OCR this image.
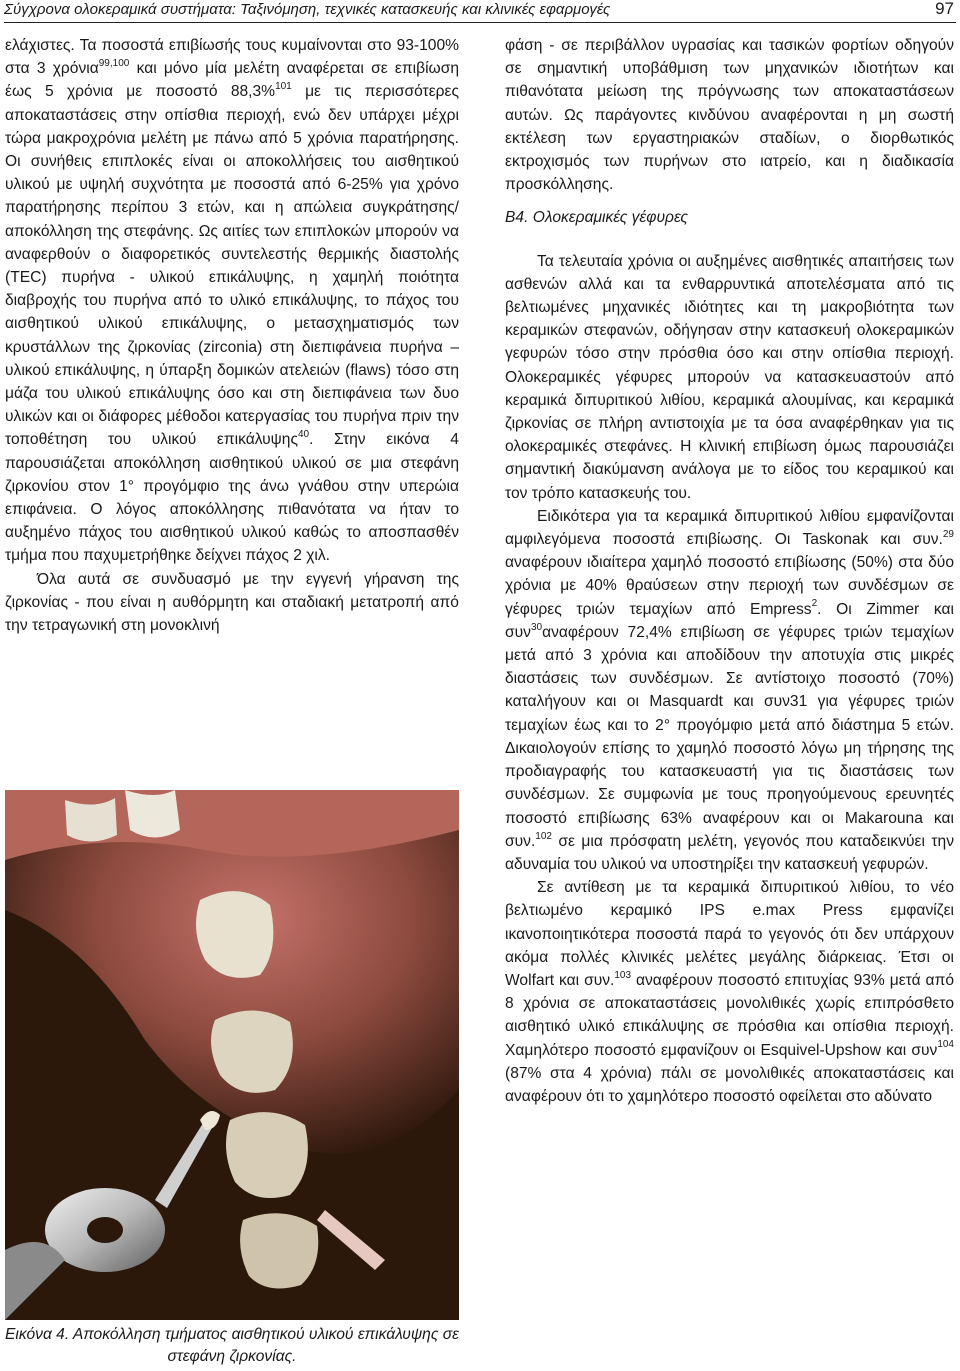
Σύγχρονα ολοκεραμικά συστήματα: Ταξινόμηση, τεχνικές κατασκευής και κλινικές εφαρμογές	97

ελάχιστες. Τα ποσοστά επιβίωσής τους κυμαίνονται στο 93-100% στα 3 χρόνια$^{99,100}$ και μόνο μία μελέτη αναφέρεται σε επιβίωση έως 5 χρόνια με ποσοστό 88,3%$^{101}$ με τις περισσότερες αποκαταστάσεις στην οπίσθια περιοχή, ενώ δεν υπάρχει μέχρι τώρα μακροχρόνια μελέτη με πάνω από 5 χρόνια παρατήρησης. Οι συνήθεις επιπλοκές είναι οι αποκολλήσεις του αισθητικού υλικού με υψηλή συχνότητα με ποσοστά από 6-25% για χρόνο παρατήρησης περίπου 3 ετών, και η απώλεια συγκράτησης/αποκόλληση της στεφάνης. Ως αιτίες των επιπλοκών μπορούν να αναφερθούν ο διαφορετικός συντελεστής θερμικής διαστολής (TEC) πυρήνα - υλικού επικάλυψης, η χαμηλή ποιότητα διαβροχής του πυρήνα από το υλικό επικάλυψης, το πάχος του αισθητικού υλικού επικάλυψης, ο μετασχηματισμός των κρυστάλλων της ζιρκονίας (zirconia) στη διεπιφάνεια πυρήνα – υλικού επικάλυψης, η ύπαρξη δομικών ατελειών (flaws) τόσο στη μάζα του υλικού επικάλυψης όσο και στη διεπιφάνεια των δυο υλικών και οι διάφορες μέθοδοι κατεργασίας του πυρήνα πριν την τοποθέτηση του υλικού επικάλυψης$^{40}$. Στην εικόνα 4 παρουσιάζεται αποκόλληση αισθητικού υλικού σε μια στεφάνη ζιρκονίου στον 1° προγόμφιο της άνω γνάθου στην υπερώια επιφάνεια. Ο λόγος αποκόλλησης πιθανότατα να ήταν το αυξημένο πάχος του αισθητικού υλικού καθώς το αποσπασθέν τμήμα που παχυμετρήθηκε δείχνει πάχος 2 χιλ.

Όλα αυτά σε συνδυασμό με την εγγενή γήρανση της ζιρκονίας - που είναι η αυθόρμητη και σταδιακή μετατροπή από την τετραγωνική στη μονοκλινή

Εικόνα 4. Αποκόλληση τμήματος αισθητικού υλικού επικάλυψης σε στεφάνη ζιρκονίας.

φάση - σε περιβάλλον υγρασίας και τασικών φορτίων οδηγούν σε σημαντική υποβάθμιση των μηχανικών ιδιοτήτων και πιθανότατα μείωση της πρόγνωσης των αποκαταστάσεων αυτών. Ως παράγοντες κινδύνου αναφέρονται η μη σωστή εκτέλεση των εργαστηριακών σταδίων, ο διορθωτικός εκτροχισμός των πυρήνων στο ιατρείο, και η διαδικασία προσκόλλησης.

Β4. Ολοκεραμικές γέφυρες

Τα τελευταία χρόνια οι αυξημένες αισθητικές απαιτήσεις των ασθενών αλλά και τα ενθαρρυντικά αποτελέσματα από τις βελτιωμένες μηχανικές ιδιότητες και τη μακροβιότητα των κεραμικών στεφανών, οδήγησαν στην κατασκευή ολοκεραμικών γεφυρών τόσο στην πρόσθια όσο και στην οπίσθια περιοχή. Ολοκεραμικές γέφυρες μπορούν να κατασκευαστούν από κεραμικά διπυριτικού λιθίου, κεραμικά αλουμίνας, και κεραμικά ζιρκονίας σε πλήρη αντιστοιχία με τα όσα αναφέρθηκαν για τις ολοκεραμικές στεφάνες. Η κλινική επιβίωση όμως παρουσιάζει σημαντική διακύμανση ανάλογα με το είδος του κεραμικού και τον τρόπο κατασκευής του.

Ειδικότερα για τα κεραμικά διπυριτικού λιθίου εμφανίζονται αμφιλεγόμενα ποσοστά επιβίωσης. Οι Taskonak και συν.$^{29}$ αναφέρουν ιδιαίτερα χαμηλό ποσοστό επιβίωσης (50%) στα δύο χρόνια με 40% θραύσεων στην περιοχή των συνδέσμων σε γέφυρες τριών τεμαχίων από Empress$^2$. Οι Zimmer και συν$^{30}$αναφέρουν 72,4% επιβίωση σε γέφυρες τριών τεμαχίων μετά από 3 χρόνια και αποδίδουν την αποτυχία στις μικρές διαστάσεις των συνδέσμων. Σε αντίστοιχο ποσοστό (70%) καταλήγουν και οι Masquardt και συν31 για γέφυρες τριών τεμαχίων έως και το 2° προγόμφιο μετά από διάστημα 5 ετών. Δικαιολογούν επίσης το χαμηλό ποσοστό λόγω μη τήρησης της προδιαγραφής του κατασκευαστή για τις διαστάσεις των συνδέσμων. Σε συμφωνία με τους προηγούμενους ερευνητές ποσοστό επιβίωσης 63% αναφέρουν και οι Makarouna και συν.$^{102}$ σε μια πρόσφατη μελέτη, γεγονός που καταδεικνύει την αδυναμία του υλικού να υποστηρίξει την κατασκευή γεφυρών.

Σε αντίθεση με τα κεραμικά διπυριτικού λιθίου, το νέο βελτιωμένο κεραμικό IPS e.max Press εμφανίζει ικανοποιητικότερα ποσοστά παρά το γεγονός ότι δεν υπάρχουν ακόμα πολλές κλινικές μελέτες μεγάλης διάρκειας. Έτσι οι Wolfart και συν.$^{103}$ αναφέρουν ποσοστό επιτυχίας 93% μετά από 8 χρόνια σε αποκαταστάσεις μονολιθικές χωρίς επιπρόσθετο αισθητικό υλικό επικάλυψης σε πρόσθια και οπίσθια περιοχή. Χαμηλότερο ποσοστό εμφανίζουν οι Esquivel-Upshow και συν$^{104}$ (87% στα 4 χρόνια) πάλι σε μονολιθικές αποκαταστάσεις και αναφέρουν ότι το χαμηλότερο ποσοστό οφείλεται στο αδύνατο
